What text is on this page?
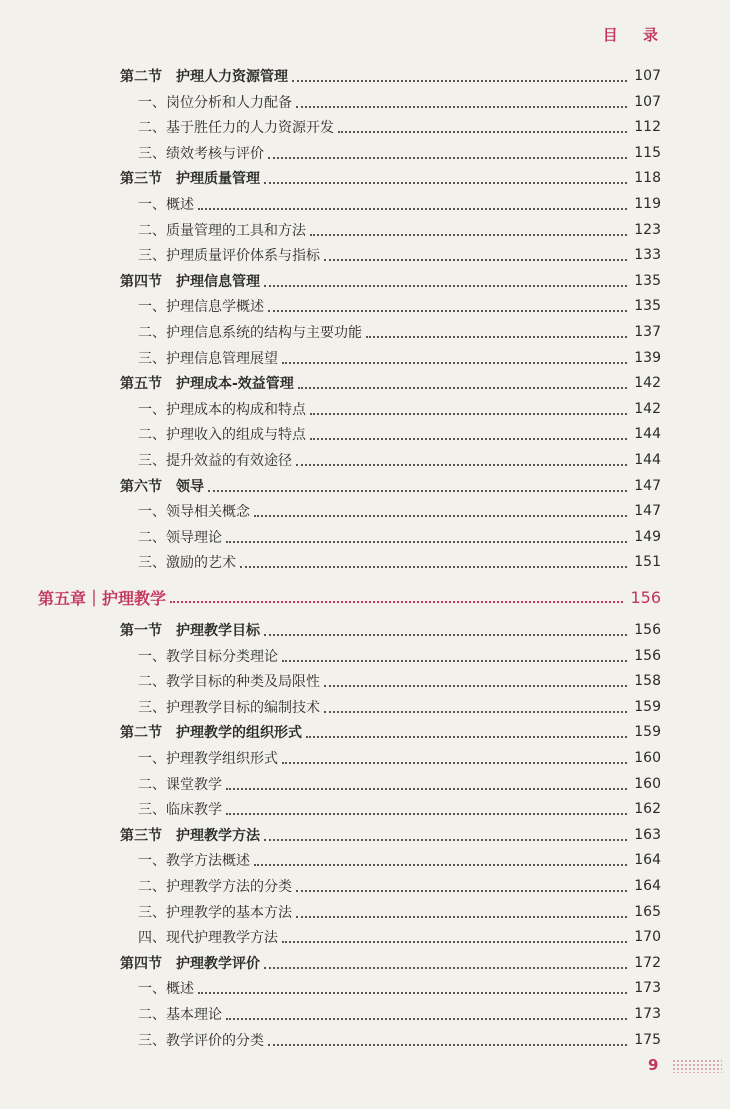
目 录
第二节　护理人力资源管理	107
一、岗位分析和人力配备	107
二、基于胜任力的人力资源开发	112
三、绩效考核与评价	115
第三节　护理质量管理	118
一、概述	119
二、质量管理的工具和方法	123
三、护理质量评价体系与指标	133
第四节　护理信息管理	135
一、护理信息学概述	135
二、护理信息系统的结构与主要功能	137
三、护理信息管理展望	139
第五节　护理成本-效益管理	142
一、护理成本的构成和特点	142
二、护理收入的组成与特点	144
三、提升效益的有效途径	144
第六节　领导	147
一、领导相关概念	147
二、领导理论	149
三、激励的艺术	151
第五章｜护理教学	156
第一节　护理教学目标	156
一、教学目标分类理论	156
二、教学目标的种类及局限性	158
三、护理教学目标的编制技术	159
第二节　护理教学的组织形式	159
一、护理教学组织形式	160
二、课堂教学	160
三、临床教学	162
第三节　护理教学方法	163
一、教学方法概述	164
二、护理教学方法的分类	164
三、护理教学的基本方法	165
四、现代护理教学方法	170
第四节　护理教学评价	172
一、概述	173
二、基本理论	173
三、教学评价的分类	175
9
